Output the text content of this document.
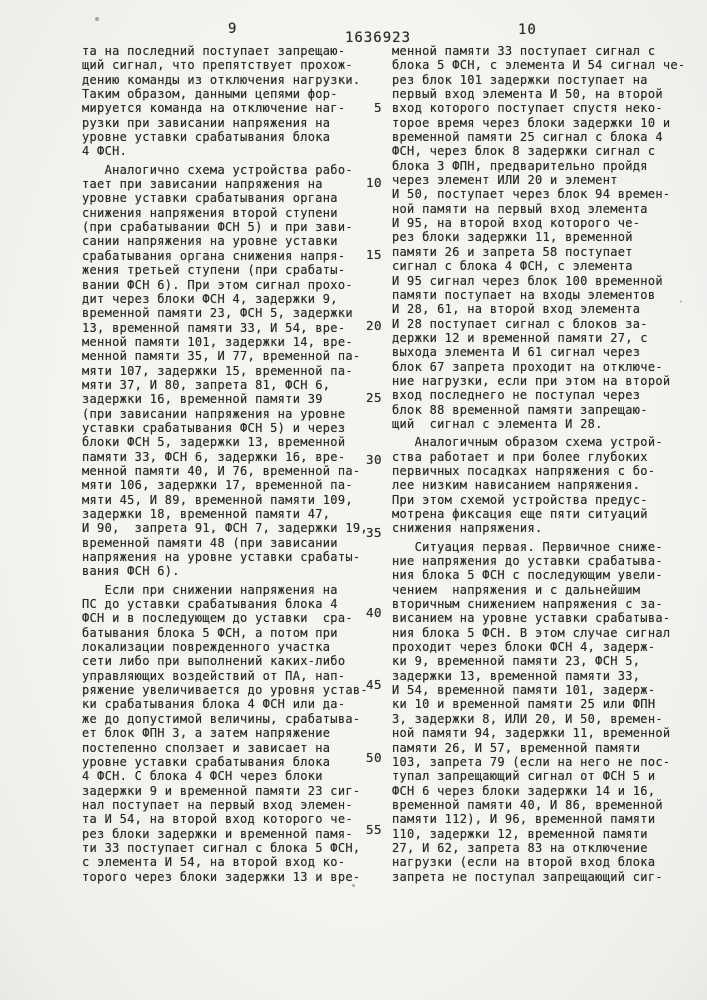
9
1636923	10
та на последний поступает запрещаю-
щий сигнал, что препятствует прохож-
дению команды из отключения нагрузки.
Таким образом, данными цепями фор-
мируется команда на отключение наг-
рузки при зависании напряжения на
уровне уставки срабатывания блока
4 ФСН.
Аналогично схема устройства рабо-
тает при зависании напряжения на
уровне уставки срабатывания органа
снижения напряжения второй ступени
(при срабатывании ФСН 5) и при зави-
сании напряжения на уровне уставки
срабатывания органа снижения напря-
жения третьей ступени (при срабаты-
вании ФСН 6). При этом сигнал прохо-
дит через блоки ФСН 4, задержки 9,
временной памяти 23, ФСН 5, задержки
13, временной памяти 33, И 54, вре-
менной памяти 101, задержки 14, вре-
менной памяти 35, И 77, временной па-
мяти 107, задержки 15, временной па-
мяти 37, И 80, запрета 81, ФСН 6,
задержки 16, временной памяти 39
(при зависании напряжения на уровне
уставки срабатывания ФСН 5) и через
блоки ФСН 5, задержки 13, временной
памяти 33, ФСН 6, задержки 16, вре-
менной памяти 40, И 76, временной па-
мяти 106, задержки 17, временной па-
мяти 45, И 89, временной памяти 109,
задержки 18, временной памяти 47,
И 90,  запрета 91, ФСН 7, задержки 19,
временной памяти 48 (при зависании
напряжения на уровне уставки срабаты-
вания ФСН 6).
Если при снижении напряжения на
ПС до уставки срабатывания блока 4
ФСН и в последующем до уставки  сра-
батывания блока 5 ФСН, а потом при
локализации поврежденного участка
сети либо при выполнений каких-либо
управляющих воздействий от ПА, нап-
ряжение увеличивается до уровня устав-
ки срабатывания блока 4 ФСН или да-
же до допустимой величины, срабатыва-
ет блок ФПН 3, а затем напряжение
постепенно сползает и зависает на
уровне уставки срабатывания блока
4 ФСН. С блока 4 ФСН через блоки
задержки 9 и временной памяти 23 сиг-
нал поступает на первый вход элемен-
та И 54, на второй вход которого че-
рез блоки задержки и временной памя-
ти 33 поступает сигнал с блока 5 ФСН,
с элемента И 54, на второй вход ко-
торого через блоки задержки 13 и вре-
менной памяти 33 поступает сигнал с
блока 5 ФСН, с элемента И 54 сигнал че-
рез блок 101 задержки поступает на
первый вход элемента И 50, на второй
вход которого поступает спустя неко-
торое время через блоки задержки 10 и
временной памяти 25 сигнал с блока 4
ФСН, через блок 8 задержки сигнал с
блока 3 ФПН, предварительно пройдя
через элемент ИЛИ 20 и элемент
И 50, поступает через блок 94 времен-
ной памяти на первый вход элемента
И 95, на второй вход которого че-
рез блоки задержки 11, временной
памяти 26 и запрета 58 поступает
сигнал с блока 4 ФСН, с элемента
И 95 сигнал через блок 100 временной
памяти поступает на входы элементов
И 28, 61, на второй вход элемента
И 28 поступает сигнал с блоков за-
держки 12 и временной памяти 27, с
выхода элемента И 61 сигнал через
блок 67 запрета проходит на отключе-
ние нагрузки, если при этом на второй
вход последнего не поступал через
блок 88 временной памяти запрещаю-
щий  сигнал с элемента И 28.
Аналогичным образом схема устрой-
ства работает и при более глубоких
первичных посадках напряжения с бо-
лее низким нависанием напряжения.
При этом схемой устройства предус-
мотрена фиксация еще пяти ситуаций
снижения напряжения.
Ситуация первая. Первичное сниже-
ние напряжения до уставки срабатыва-
ния блока 5 ФСН с последующим увели-
чением  напряжения и с дальнейшим
вторичным снижением напряжения с за-
висанием на уровне уставки срабатыва-
ния блока 5 ФСН. В этом случае сигнал
проходит через блоки ФСН 4, задерж-
ки 9, временной памяти 23, ФСН 5,
задержки 13, временной памяти 33,
И 54, временной памяти 101, задерж-
ки 10 и временной памяти 25 или ФПН
3, задержки 8, ИЛИ 20, И 50, времен-
ной памяти 94, задержки 11, временной
памяти 26, И 57, временной памяти
103, запрета 79 (если на него не пос-
тупал запрещающий сигнал от ФСН 5 и
ФСН 6 через блоки задержки 14 и 16,
временной памяти 40, И 86, временной
памяти 112), И 96, временной памяти
110, задержки 12, временной памяти
27, И 62, запрета 83 на отключение
нагрузки (если на второй вход блока
запрета не поступал запрещающий сиг-
5
10
15
20
25
30
35
40
45
50
55
